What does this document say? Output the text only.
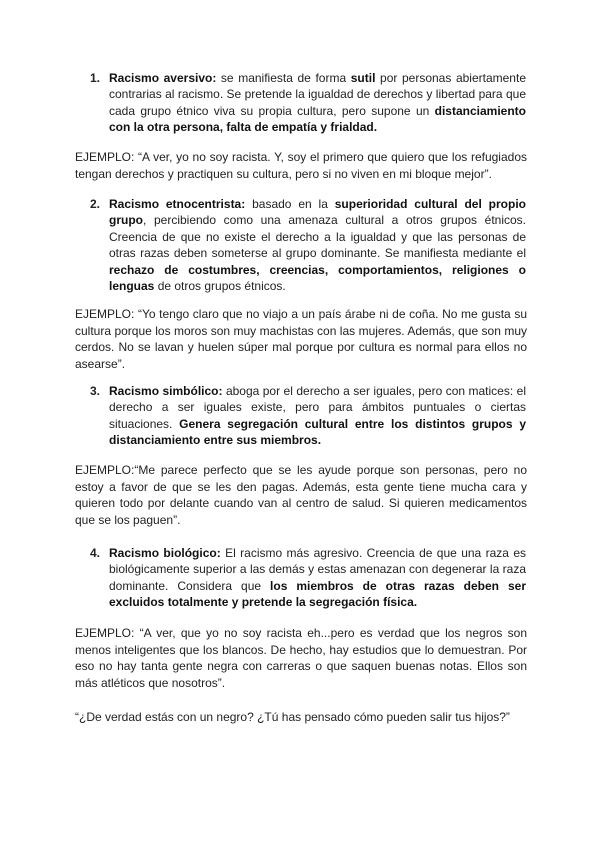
1. Racismo aversivo: se manifiesta de forma sutil por personas abiertamente contrarias al racismo. Se pretende la igualdad de derechos y libertad para que cada grupo étnico viva su propia cultura, pero supone un distanciamiento con la otra persona, falta de empatía y frialdad.
EJEMPLO: “A ver, yo no soy racista. Y, soy el primero que quiero que los refugiados tengan derechos y practiquen su cultura, pero si no viven en mi bloque mejor”.
2. Racismo etnocentrista: basado en la superioridad cultural del propio grupo, percibiendo como una amenaza cultural a otros grupos étnicos. Creencia de que no existe el derecho a la igualdad y que las personas de otras razas deben someterse al grupo dominante. Se manifiesta mediante el rechazo de costumbres, creencias, comportamientos, religiones o lenguas de otros grupos étnicos.
EJEMPLO: “Yo tengo claro que no viajo a un país árabe ni de coña. No me gusta su cultura porque los moros son muy machistas con las mujeres. Además, que son muy cerdos. No se lavan y huelen súper mal porque por cultura es normal para ellos no asearse”.
3. Racismo simbólico: aboga por el derecho a ser iguales, pero con matices: el derecho a ser iguales existe, pero para ámbitos puntuales o ciertas situaciones. Genera segregación cultural entre los distintos grupos y distanciamiento entre sus miembros.
EJEMPLO:“Me parece perfecto que se les ayude porque son personas, pero no estoy a favor de que se les den pagas. Además, esta gente tiene mucha cara y quieren todo por delante cuando van al centro de salud. Si quieren medicamentos que se los paguen”.
4. Racismo biológico: El racismo más agresivo. Creencia de que una raza es biológicamente superior a las demás y estas amenazan con degenerar la raza dominante. Considera que los miembros de otras razas deben ser excluidos totalmente y pretende la segregación física.
EJEMPLO: “A ver, que yo no soy racista eh...pero es verdad que los negros son menos inteligentes que los blancos. De hecho, hay estudios que lo demuestran. Por eso no hay tanta gente negra con carreras o que saquen buenas notas. Ellos son más atléticos que nosotros”.
“¿De verdad estás con un negro? ¿Tú has pensado cómo pueden salir tus hijos?”
